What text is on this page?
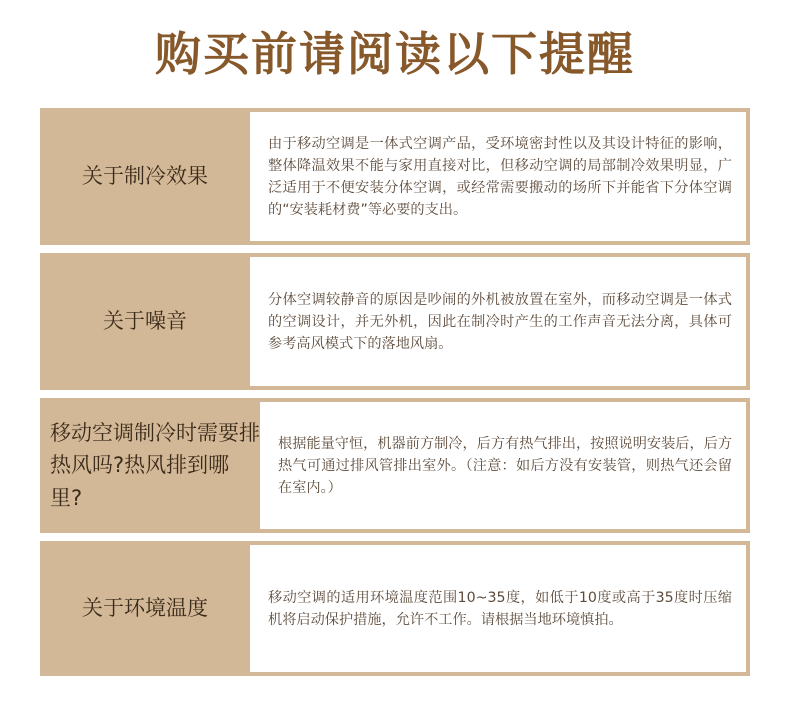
购买前请阅读以下提醒
关于制冷效果
由于移动空调是一体式空调产品，受环境密封性以及其设计特征的影响，整体降温效果不能与家用直接对比，但移动空调的局部制冷效果明显，广泛适用于不便安装分体空调，或经常需要搬动的场所下并能省下分体空调的“安装耗材费”等必要的支出。
关于噪音
分体空调较静音的原因是吵闹的外机被放置在室外，而移动空调是一体式的空调设计，并无外机，因此在制冷时产生的工作声音无法分离，具体可参考高风模式下的落地风扇。
移动空调制冷时需要排热风吗?热风排到哪里?
根据能量守恒，机器前方制冷，后方有热气排出，按照说明安装后，后方热气可通过排风管排出室外。（注意：如后方没有安装管，则热气还会留在室内。）
关于环境温度	移动空调的适用环境温度范围10~35度，如低于10度或高于35度时压缩机将启动保护措施，允许不工作。请根据当地环境慎拍。
